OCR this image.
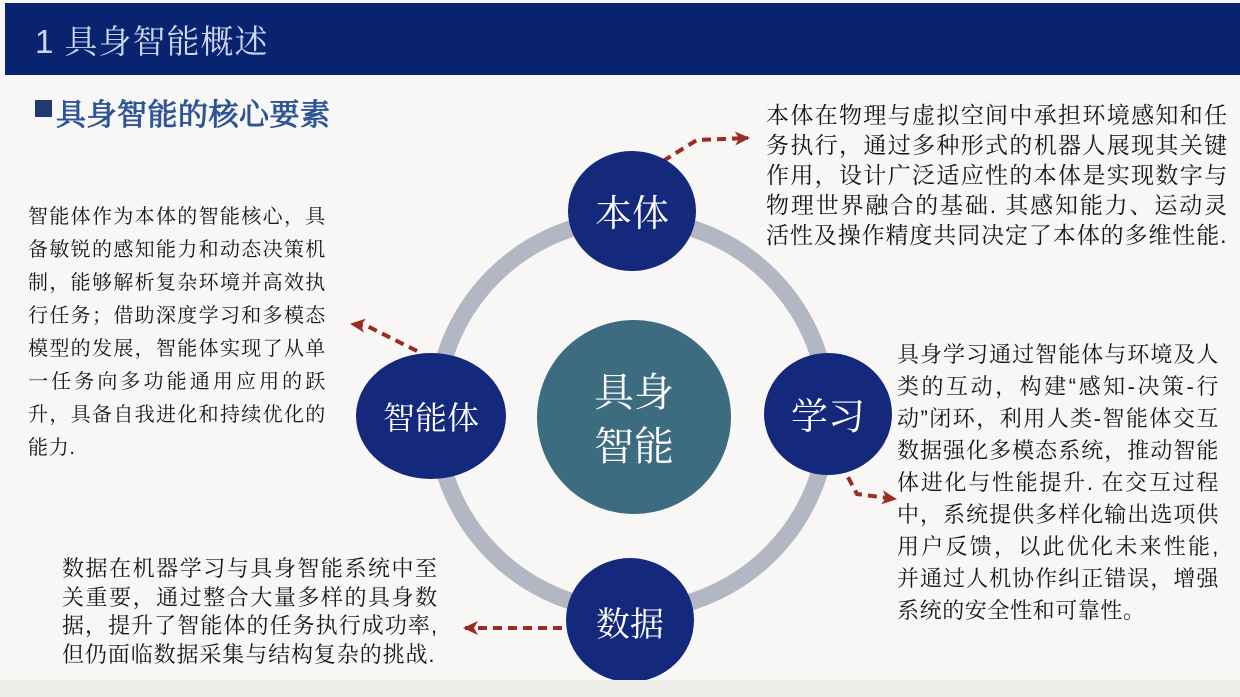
1 具身智能概述
具身智能的核心要素
本体
智能体	学习
数据
具身
智能

智能体作为本体的智能核心，具备敏锐的感知能力和动态决策机制，能够解析复杂环境并高效执行任务；借助深度学习和多模态模型的发展，智能体实现了从单一任务向多功能通用应用的跃升，具备自我进化和持续优化的能力.

本体在物理与虚拟空间中承担环境感知和任务执行，通过多种形式的机器人展现其关键作用，设计广泛适应性的本体是实现数字与物理世界融合的基础. 其感知能力、运动灵活性及操作精度共同决定了本体的多维性能.

具身学习通过智能体与环境及人类的互动，构建“感知-决策-行动”闭环，利用人类-智能体交互数据强化多模态系统，推动智能体进化与性能提升. 在交互过程中，系统提供多样化输出选项供用户反馈，以此优化未来性能, 并通过人机协作纠正错误，增强系统的安全性和可靠性。

数据在机器学习与具身智能系统中至关重要，通过整合大量多样的具身数据，提升了智能体的任务执行成功率, 但仍面临数据采集与结构复杂的挑战.
